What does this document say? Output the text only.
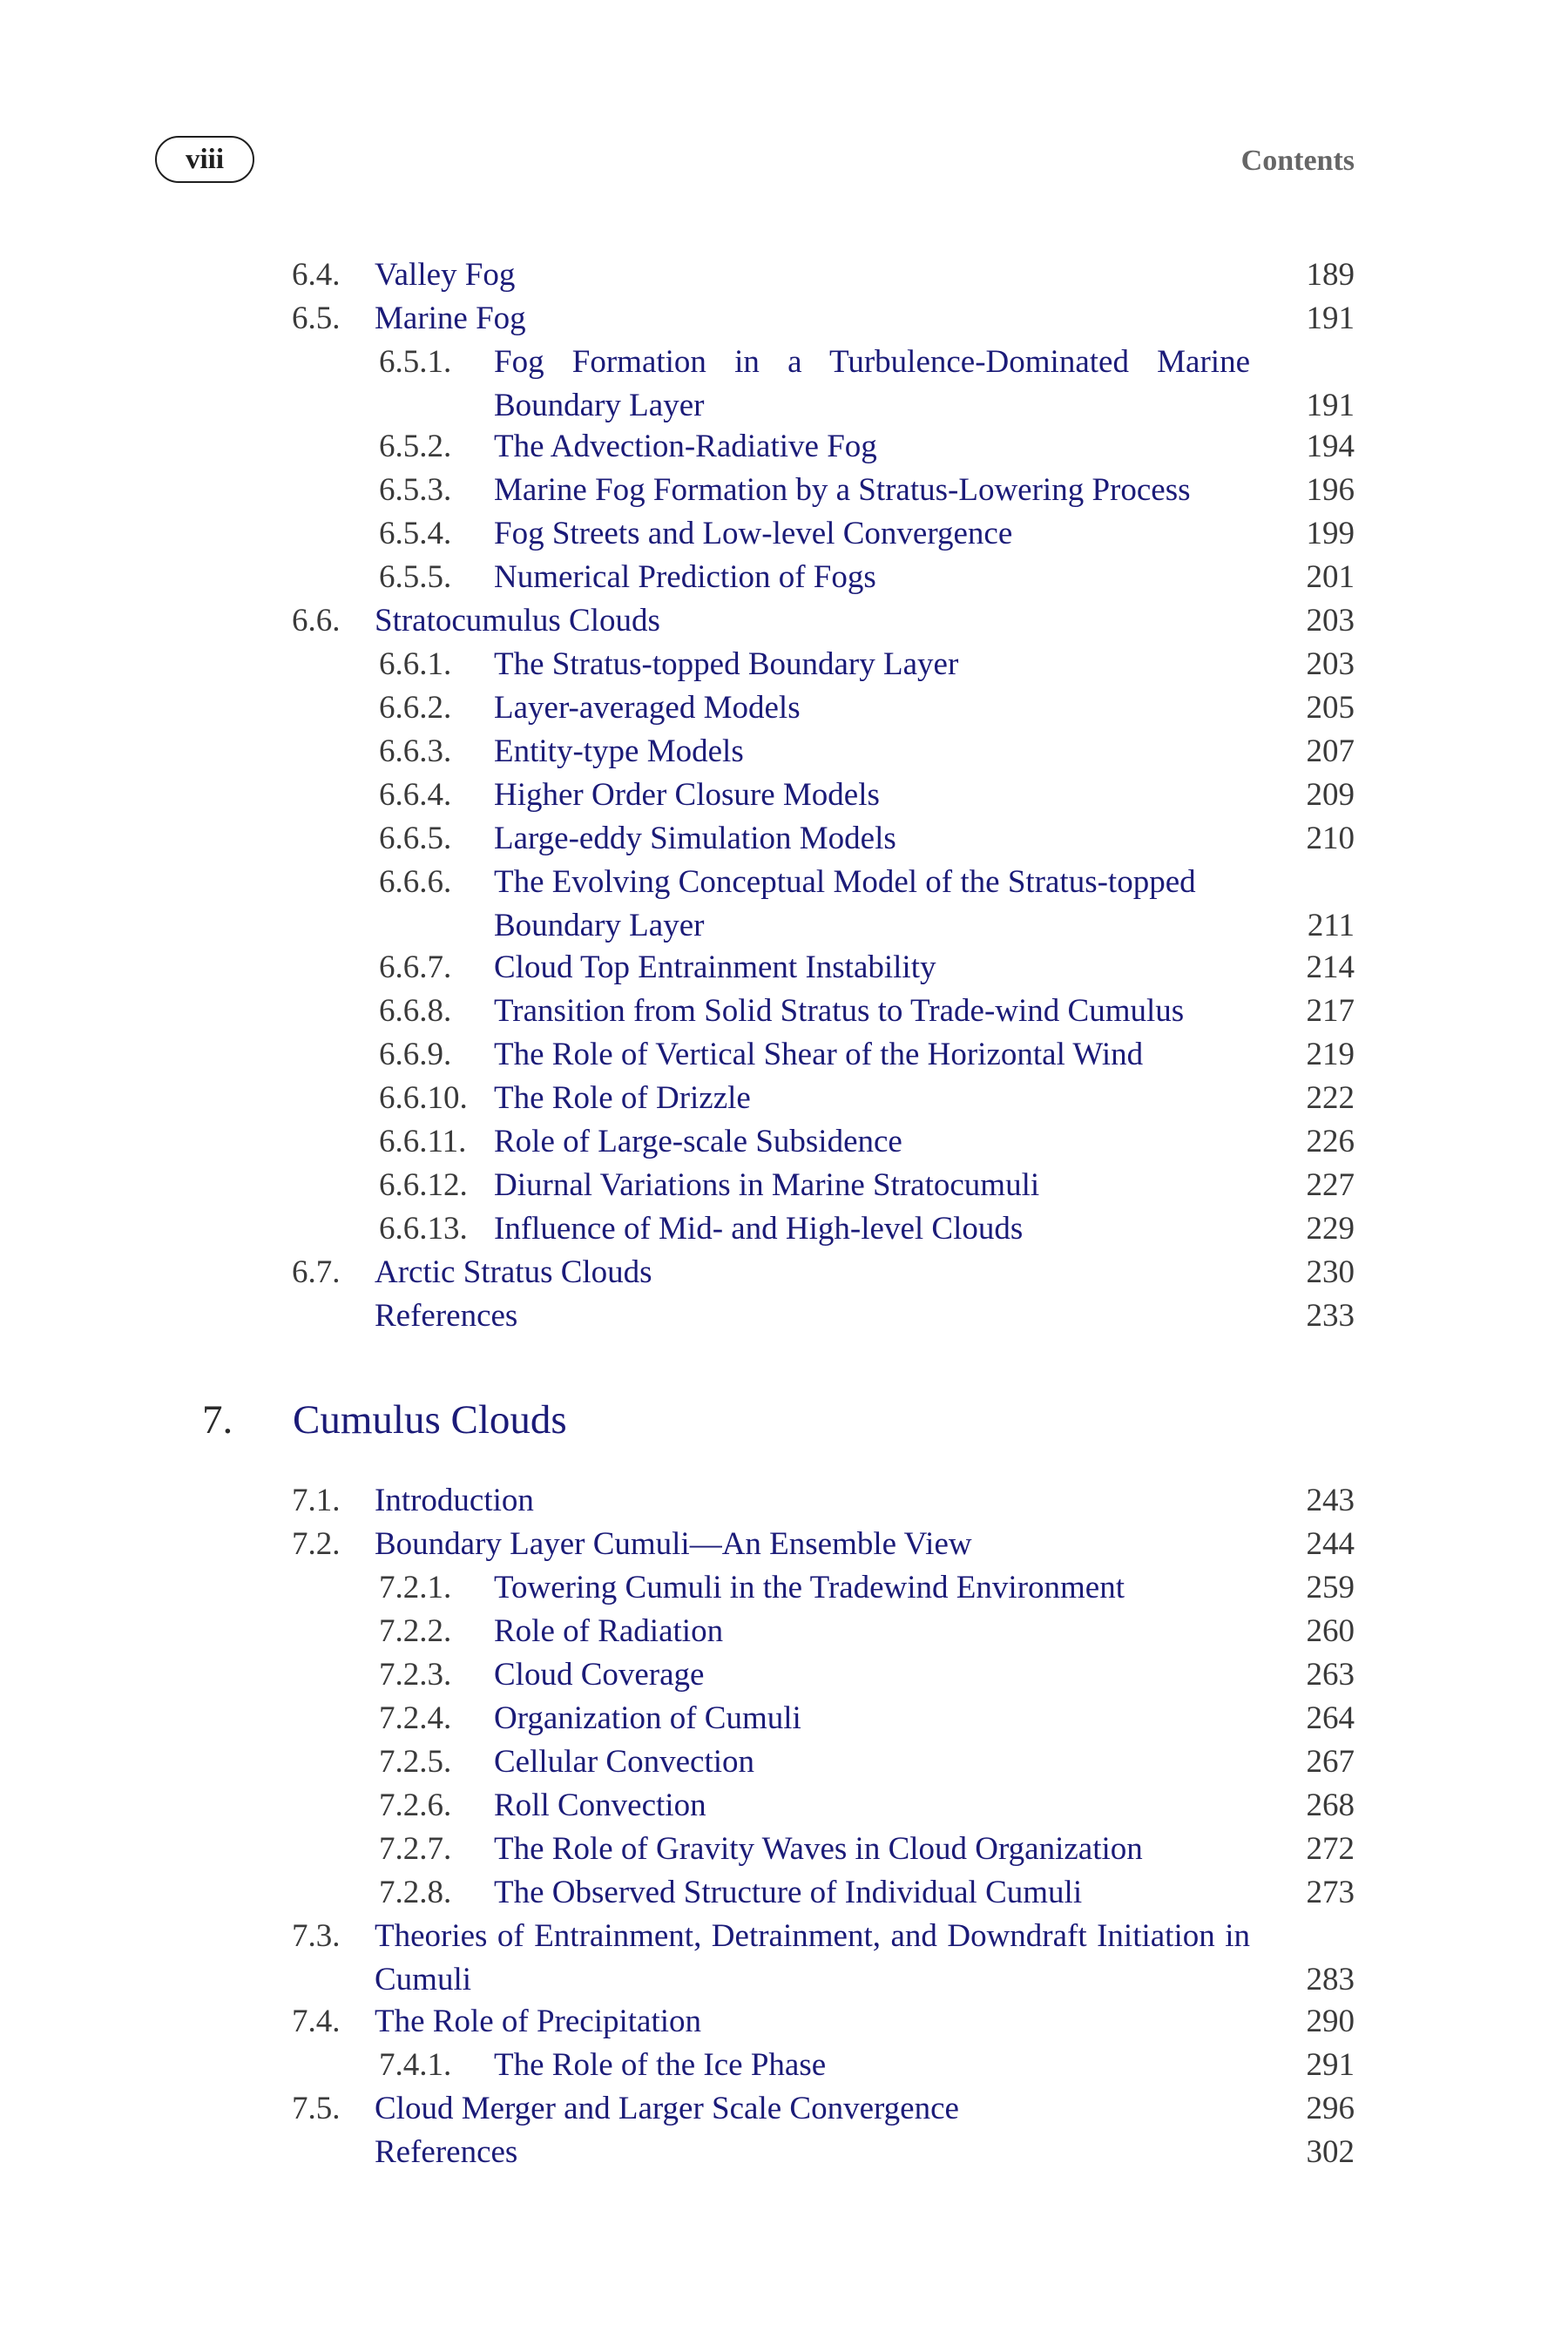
viii	Contents
6.4. Valley Fog	189
6.5. Marine Fog	191
6.5.1. Fog Formation in a Turbulence-Dominated Marine Boundary Layer	191
6.5.2. The Advection-Radiative Fog	194
6.5.3. Marine Fog Formation by a Stratus-Lowering Process	196
6.5.4. Fog Streets and Low-level Convergence	199
6.5.5. Numerical Prediction of Fogs	201
6.6. Stratocumulus Clouds	203
6.6.1. The Stratus-topped Boundary Layer	203
6.6.2. Layer-averaged Models	205
6.6.3. Entity-type Models	207
6.6.4. Higher Order Closure Models	209
6.6.5. Large-eddy Simulation Models	210
6.6.6. The Evolving Conceptual Model of the Stratus-topped Boundary Layer	211
6.6.7. Cloud Top Entrainment Instability	214
6.6.8. Transition from Solid Stratus to Trade-wind Cumulus	217
6.6.9. The Role of Vertical Shear of the Horizontal Wind	219
6.6.10. The Role of Drizzle	222
6.6.11. Role of Large-scale Subsidence	226
6.6.12. Diurnal Variations in Marine Stratocumuli	227
6.6.13. Influence of Mid- and High-level Clouds	229
6.7. Arctic Stratus Clouds	230
References	233
7. Cumulus Clouds
7.1. Introduction	243
7.2. Boundary Layer Cumuli—An Ensemble View	244
7.2.1. Towering Cumuli in the Tradewind Environment	259
7.2.2. Role of Radiation	260
7.2.3. Cloud Coverage	263
7.2.4. Organization of Cumuli	264
7.2.5. Cellular Convection	267
7.2.6. Roll Convection	268
7.2.7. The Role of Gravity Waves in Cloud Organization	272
7.2.8. The Observed Structure of Individual Cumuli	273
7.3. Theories of Entrainment, Detrainment, and Downdraft Initiation in Cumuli	283
7.4. The Role of Precipitation	290
7.4.1. The Role of the Ice Phase	291
7.5. Cloud Merger and Larger Scale Convergence	296
References	302
